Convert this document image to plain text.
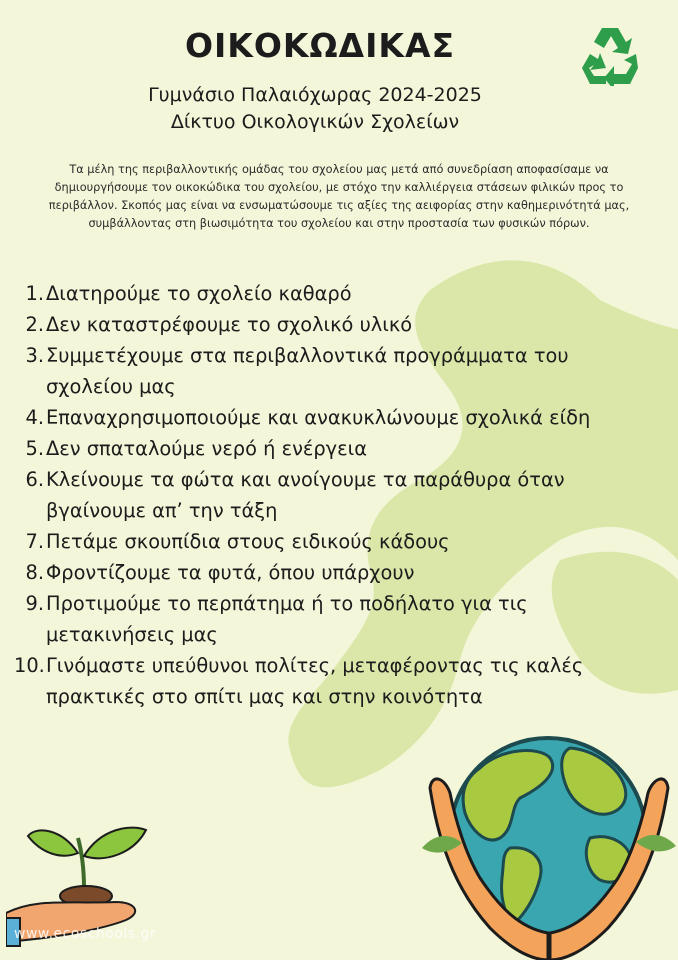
ΟΙΚΟΚΩΔΙΚΑΣ
Γυμνάσιο Παλαιόχωρας 2024-2025
Δίκτυο Οικολογικών Σχολείων
Τα μέλη της περιβαλλοντικής ομάδας του σχολείου μας μετά από συνεδρίαση αποφασίσαμε να δημιουργήσουμε τον οικοκώδικα του σχολείου, με στόχο την καλλιέργεια στάσεων φιλικών προς το περιβάλλον. Σκοπός μας είναι να ενσωματώσουμε τις αξίες της αειφορίας στην καθημερινότητά μας, συμβάλλοντας στη βιωσιμότητα του σχολείου και στην προστασία των φυσικών πόρων.
1. Διατηρούμε το σχολείο καθαρό
2. Δεν καταστρέφουμε το σχολικό υλικό
3. Συμμετέχουμε στα περιβαλλοντικά προγράμματα του
σχολείου μας
4. Επαναχρησιμοποιούμε και ανακυκλώνουμε σχολικά είδη
5. Δεν σπαταλούμε νερό ή ενέργεια
6. Κλείνουμε τα φώτα και ανοίγουμε τα παράθυρα όταν
βγαίνουμε απ’ την τάξη
7. Πετάμε σκουπίδια στους ειδικούς κάδους
8. Φροντίζουμε τα φυτά, όπου υπάρχουν
9. Προτιμούμε το περπάτημα ή το ποδήλατο για τις
μετακινήσεις μας
10. Γινόμαστε υπεύθυνοι πολίτες, μεταφέροντας τις καλές
πρακτικές στο σπίτι μας και στην κοινότητα
www.ecoschools.gr
